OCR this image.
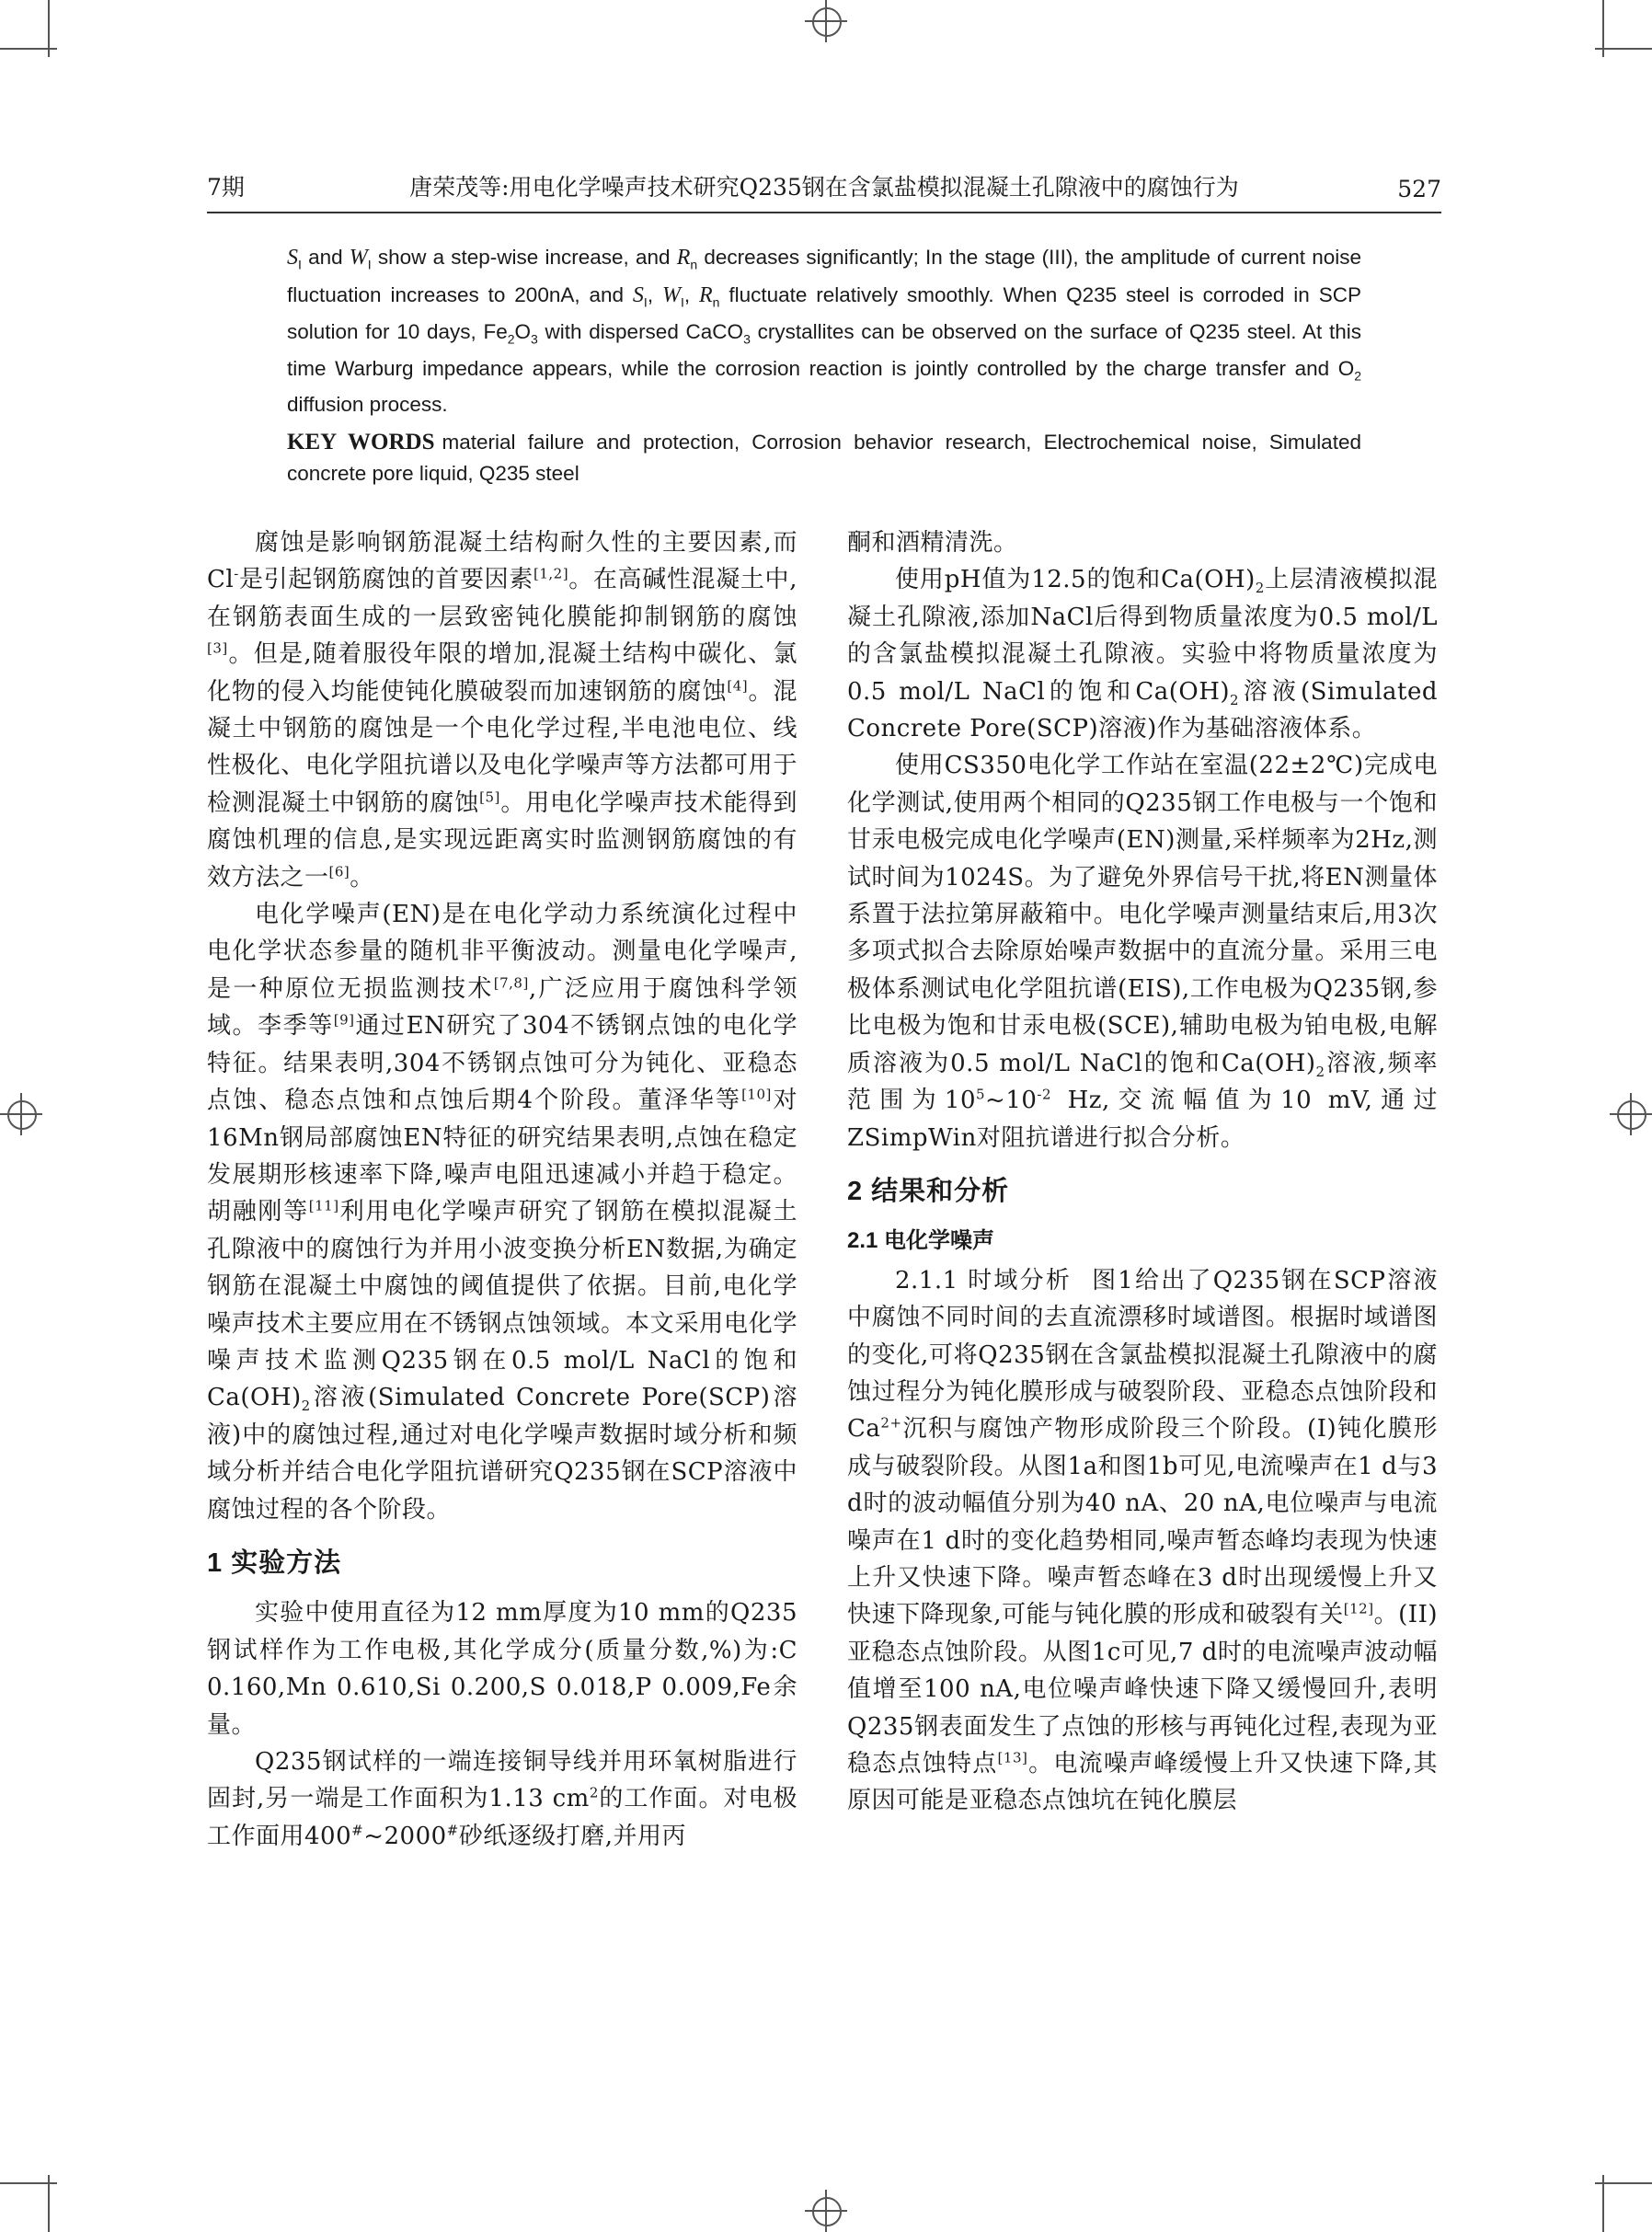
7期	唐荣茂等:用电化学噪声技术研究Q235钢在含氯盐模拟混凝土孔隙液中的腐蚀行为	527

$S_I$ and $W_I$ show a step-wise increase, and $R_n$ decreases significantly; In the stage (III), the amplitude of current noise fluctuation increases to 200nA, and $S_I$, $W_I$, $R_n$ fluctuate relatively smoothly. When Q235 steel is corroded in SCP solution for 10 days, $Fe_2O_3$ with dispersed CaCO$_3$ crystallites can be observed on the surface of Q235 steel. At this time Warburg impedance appears, while the corrosion reaction is jointly controlled by the charge transfer and $O_2$ diffusion process.

KEY WORDS material failure and protection, Corrosion behavior research, Electrochemical noise, Simulated concrete pore liquid, Q235 steel

腐蚀是影响钢筋混凝土结构耐久性的主要因素,而Cl-是引起钢筋腐蚀的首要因素[1,2]。在高碱性混凝土中,在钢筋表面生成的一层致密钝化膜能抑制钢筋的腐蚀[3]。但是,随着服役年限的增加,混凝土结构中碳化、氯化物的侵入均能使钝化膜破裂而加速钢筋的腐蚀[4]。混凝土中钢筋的腐蚀是一个电化学过程,半电池电位、线性极化、电化学阻抗谱以及电化学噪声等方法都可用于检测混凝土中钢筋的腐蚀[5]。用电化学噪声技术能得到腐蚀机理的信息,是实现远距离实时监测钢筋腐蚀的有效方法之一[6]。

电化学噪声(EN)是在电化学动力系统演化过程中电化学状态参量的随机非平衡波动。测量电化学噪声,是一种原位无损监测技术[7,8],广泛应用于腐蚀科学领域。李季等[9]通过EN研究了304不锈钢点蚀的电化学特征。结果表明,304不锈钢点蚀可分为钝化、亚稳态点蚀、稳态点蚀和点蚀后期4个阶段。董泽华等[10]对16Mn钢局部腐蚀EN特征的研究结果表明,点蚀在稳定发展期形核速率下降,噪声电阻迅速减小并趋于稳定。胡融刚等[11]利用电化学噪声研究了钢筋在模拟混凝土孔隙液中的腐蚀行为并用小波变换分析EN数据,为确定钢筋在混凝土中腐蚀的阈值提供了依据。目前,电化学噪声技术主要应用在不锈钢点蚀领域。本文采用电化学噪声技术监测Q235钢在0.5 mol/L NaCl的饱和$Ca(OH)_2$溶液(Simulated Concrete Pore(SCP)溶液)中的腐蚀过程,通过对电化学噪声数据时域分析和频域分析并结合电化学阻抗谱研究Q235钢在SCP溶液中腐蚀过程的各个阶段。

1 实验方法

实验中使用直径为12 mm厚度为10 mm的Q235钢试样作为工作电极,其化学成分(质量分数,%)为:C 0.160,Mn 0.610,Si 0.200,S 0.018,P 0.009,Fe余量。

Q235钢试样的一端连接铜导线并用环氧树脂进行固封,另一端是工作面积为1.13 $cm^2$的工作面。对电极工作面用400#~2000#砂纸逐级打磨,并用丙

酮和酒精清洗。

使用pH值为12.5的饱和$Ca(OH)_2$上层清液模拟混凝土孔隙液,添加NaCl后得到物质量浓度为0.5 mol/L的含氯盐模拟混凝土孔隙液。实验中将物质量浓度为0.5 mol/L NaCl的饱和$Ca(OH)_2$溶液(Simulated Concrete Pore(SCP)溶液)作为基础溶液体系。

使用CS350电化学工作站在室温(22±2℃)完成电化学测试,使用两个相同的Q235钢工作电极与一个饱和甘汞电极完成电化学噪声(EN)测量,采样频率为2Hz,测试时间为1024S。为了避免外界信号干扰,将EN测量体系置于法拉第屏蔽箱中。电化学噪声测量结束后,用3次多项式拟合去除原始噪声数据中的直流分量。采用三电极体系测试电化学阻抗谱(EIS),工作电极为Q235钢,参比电极为饱和甘汞电极(SCE),辅助电极为铂电极,电解质溶液为0.5 mol/L NaCl的饱和$Ca(OH)_2$溶液,频率范围为$10^5\sim 10^{-2}$ Hz,交流幅值为10 mV,通过ZSimpWin对阻抗谱进行拟合分析。

2 结果和分析
2.1 电化学噪声

2.1.1 时域分析 图1给出了Q235钢在SCP溶液中腐蚀不同时间的去直流漂移时域谱图。根据时域谱图的变化,可将Q235钢在含氯盐模拟混凝土孔隙液中的腐蚀过程分为钝化膜形成与破裂阶段、亚稳态点蚀阶段和$Ca^{2+}$沉积与腐蚀产物形成阶段三个阶段。(I)钝化膜形成与破裂阶段。从图1a和图1b可见,电流噪声在1 d与3 d时的波动幅值分别为40 nA、20 nA,电位噪声与电流噪声在1 d时的变化趋势相同,噪声暂态峰均表现为快速上升又快速下降。噪声暂态峰在3 d时出现缓慢上升又快速下降现象,可能与钝化膜的形成和破裂有关[12]。(II)亚稳态点蚀阶段。从图1c可见,7 d时的电流噪声波动幅值增至100 nA,电位噪声峰快速下降又缓慢回升,表明Q235钢表面发生了点蚀的形核与再钝化过程,表现为亚稳态点蚀特点[13]。电流噪声峰缓慢上升又快速下降,其原因可能是亚稳态点蚀坑在钝化膜层
